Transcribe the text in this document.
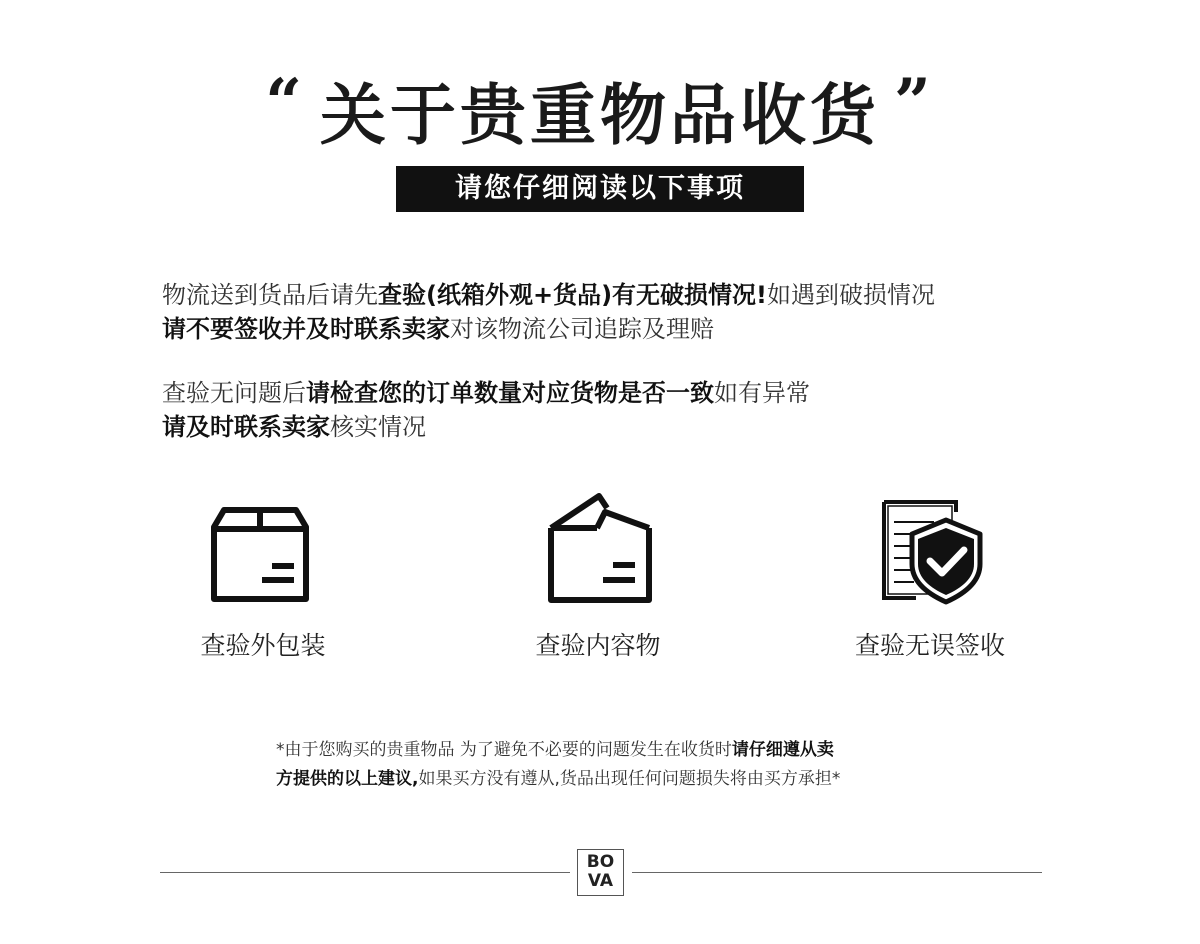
“ 关于贵重物品收货 ”
请您仔细阅读以下事项
物流送到货品后请先查验(纸箱外观+货品)有无破损情况!如遇到破损情况
请不要签收并及时联系卖家对该物流公司追踪及理赔
查验无问题后请检查您的订单数量对应货物是否一致如有异常
请及时联系卖家核实情况
查验外包装	查验内容物	查验无误签收
*由于您购买的贵重物品 为了避免不必要的问题发生在收货时请仔细遵从卖
方提供的以上建议,如果买方没有遵从,货品出现任何问题损失将由买方承担*
BO
VA
